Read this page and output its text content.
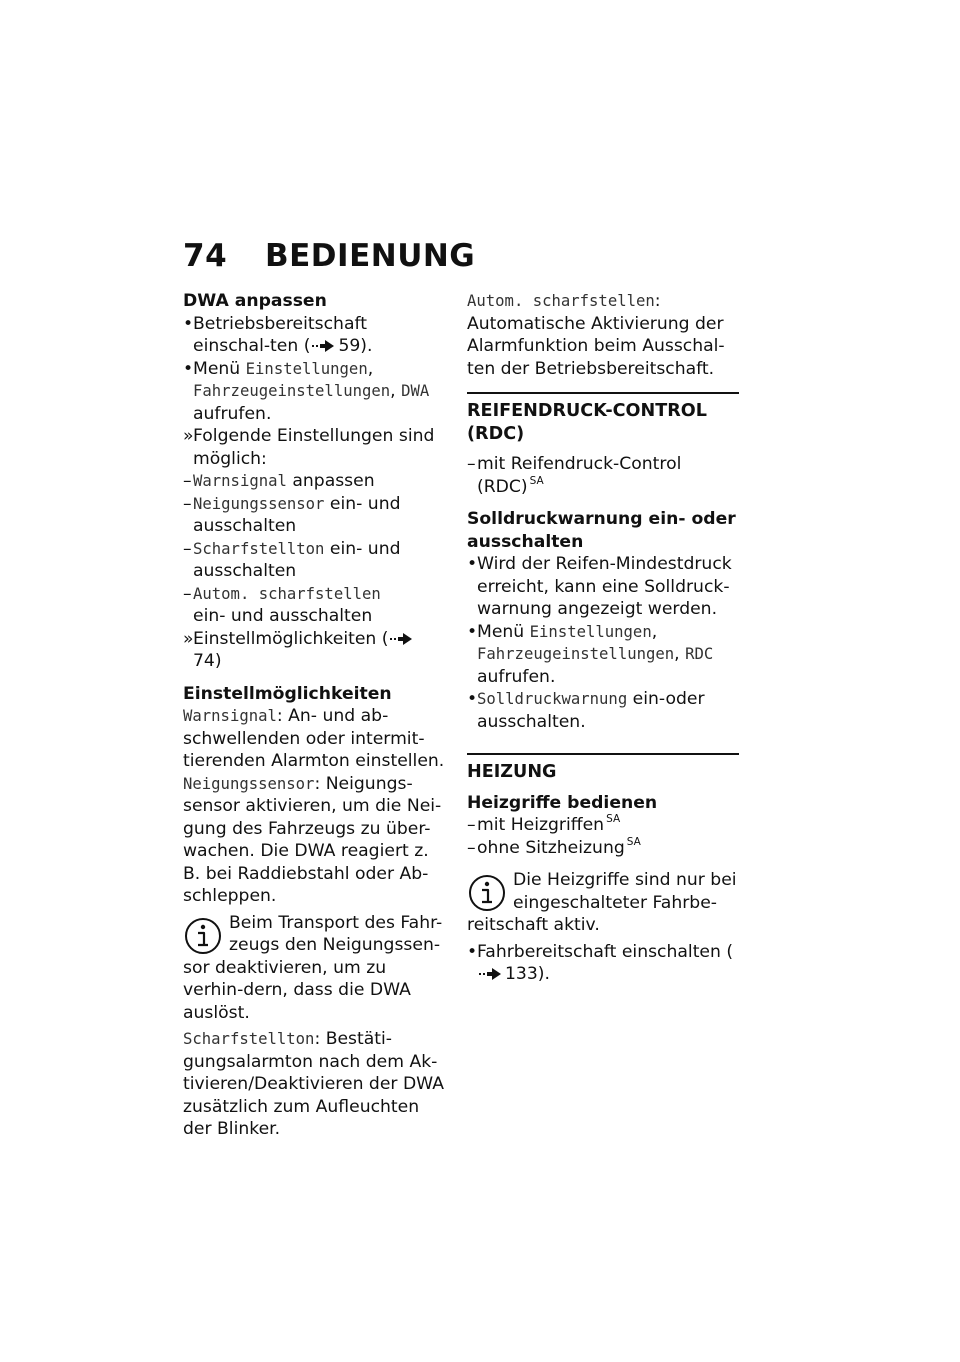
74 BEDIENUNG
DWA anpassen
• Betriebsbereitschaft einschal-ten ( 59).
• Menü Einstellungen, Fahrzeugeinstellungen, DWA aufrufen.
» Folgende Einstellungen sind möglich:
– Warnsignal anpassen
– Neigungssensor ein- und ausschalten
– Scharfstellton ein- und ausschalten
– Autom. scharfstellen
ein- und ausschalten
» Einstellmöglichkeiten (74)
Einstellmöglichkeiten

Warnsignal: An- und ab-schwellenden oder intermit-tierenden Alarmton einstellen.

Neigungssensor: Neigungs-sensor aktivieren, um die Nei-gung des Fahrzeugs zu über-wachen. Die DWA reagiert z. B. bei Raddiebstahl oder Ab-schleppen.

Beim Transport des Fahr-zeugs den Neigungssen-sor deaktivieren, um zu verhin-dern, dass die DWA auslöst.

Scharfstellton: Bestäti-gungsalarmton nach dem Ak-tivieren/Deaktivieren der DWA zusätzlich zum Aufleuchten der Blinker.

Autom. scharfstellen: Automatische Aktivierung der Alarmfunktion beim Ausschal-ten der Betriebsbereitschaft.

REIFENDRUCK-CONTROL (RDC)
– mit Reifendruck-Control (RDC) $^{SA}$
Solldruckwarnung ein- oder ausschalten
• Wird der Reifen-Mindestdruck erreicht, kann eine Solldruck-warnung angezeigt werden.
• Menü Einstellungen, Fahrzeugeinstellungen, RDC aufrufen.
• Solldruckwarnung ein-oder ausschalten.
HEIZUNG
Heizgriffe bedienen
– mit Heizgriffen $^{SA}$
– ohne Sitzheizung $^{SA}$
Die Heizgriffe sind nur bei eingeschalteter Fahrbe-reitschaft aktiv.
• Fahrbereitschaft einschalten (133).
